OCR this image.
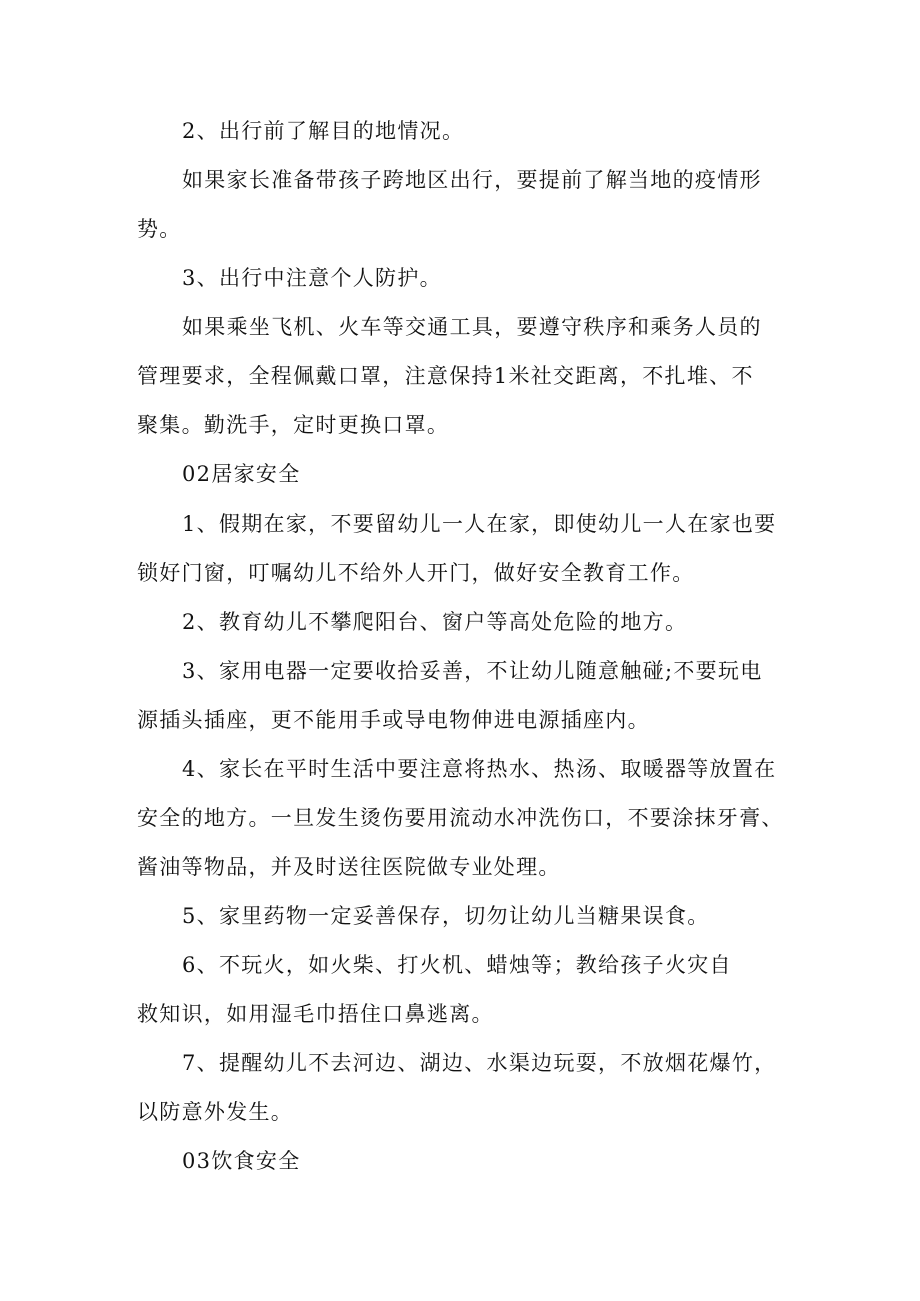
2、出行前了解目的地情况。
如果家长准备带孩子跨地区出行，要提前了解当地的疫情形
势。
3、出行中注意个人防护。
如果乘坐飞机、火车等交通工具，要遵守秩序和乘务人员的
管理要求，全程佩戴口罩，注意保持1米社交距离，不扎堆、不
聚集。勤洗手，定时更换口罩。
02居家安全
1、假期在家，不要留幼儿一人在家，即使幼儿一人在家也要
锁好门窗，叮嘱幼儿不给外人开门，做好安全教育工作。
2、教育幼儿不攀爬阳台、窗户等高处危险的地方。
3、家用电器一定要收拾妥善，不让幼儿随意触碰;不要玩电
源插头插座，更不能用手或导电物伸进电源插座内。
4、家长在平时生活中要注意将热水、热汤、取暖器等放置在
安全的地方。一旦发生烫伤要用流动水冲洗伤口，不要涂抹牙膏、
酱油等物品，并及时送往医院做专业处理。
5、家里药物一定妥善保存，切勿让幼儿当糖果误食。
6、不玩火，如火柴、打火机、蜡烛等；教给孩子火灾自
救知识，如用湿毛巾捂住口鼻逃离。
7、提醒幼儿不去河边、湖边、水渠边玩耍，不放烟花爆竹，
以防意外发生。
03饮食安全
